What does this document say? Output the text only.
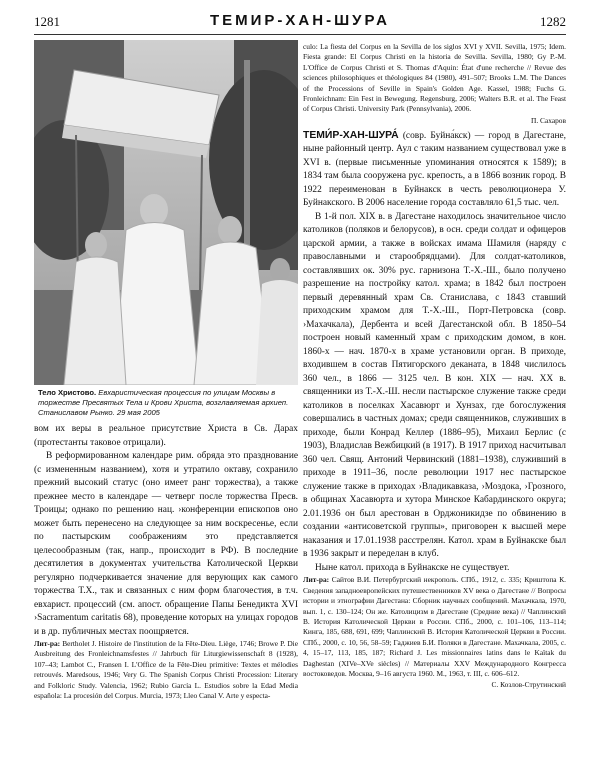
1281	ТЕМИР-ХАН-ШУРА	1282
Тело Христово. Евхаристическая процессия по улицам Москвы в торжестве Пресвятых Тела и Крови Христа, возглавляемая архиеп. Станиславом Рынко. 29 мая 2005

вом их веры в реальное присутствие Христа в Св. Дарах (протестанты таковое отрицали).

В реформированном календаре рим. обряда это празднование (с измененным названием), хотя и утратило октаву, сохранило прежний высокий статус (оно имеет ранг торжества), а также прежнее место в календаре — четверг после торжества Пресв. Троицы; однако по решению нац. ›конференции епископов оно может быть перенесено на следующее за ним воскресенье, если по пастырским соображениям это представляется целесообразным (так, напр., происходит в РФ). В последние десятилетия в документах учительства Католической Церкви регулярно подчеркивается значение для верующих как самого торжества Т.Х., так и связанных с ним форм благочестия, в т.ч. евхарист. процессий (см. апост. обращение Папы Бенедикта XVI ›Sacramentum caritatis 68), проведение которых на улицах городов и в др. публичных местах поощряется.

Лит-ра: Bertholet J. Histoire de l'institution de la Fête-Dieu. Liège, 1746; Browe P. Die Ausbreitung des Fronleichnamsfestes // Jahrbuch für Liturgiewissenschaft 8 (1928), 107–43; Lambot C., Fransen I. L'Office de la Fête-Dieu primitive: Textes et mélodies retrouvés. Maredsous, 1946; Very G. The Spanish Corpus Christi Procession: Literary and Folkloric Study. Valencia, 1962; Rubio García L. Estudios sobre la Edad Media española: La procesión del Corpus. Murcia, 1973; Lleo Canal V. Arte y especta-

culo: La fiesta del Corpus en la Sevilla de los siglos XVI y XVII. Sevilla, 1975; Idem. Fiesta grande: El Corpus Christi en la historia de Sevilla. Sevilla, 1980; Gy P.-M. L'Office de Corpus Christi et S. Thomas d'Aquin: État d'une recherche // Revue des sciences philosophiques et théologiques 84 (1980), 491–507; Brooks L.M. The Dances of the Processions of Seville in Spain's Golden Age. Kassel, 1988; Fuchs G. Fronleichnam: Ein Fest in Bewegung. Regensburg, 2006; Walters B.R. et al. The Feast of Corpus Christi. University Park (Pennsylvania), 2006.

П. Сахаров

ТЕМИ́Р-ХАН-ШУРА́ (совр. Буйна́кск) — город в Дагестане, ныне районный центр. Аул с таким названием существовал уже в XVI в. (первые письменные упоминания относятся к 1589); в 1834 там была сооружена рус. крепость, а в 1866 возник город. В 1922 переименован в Буйнакск в честь революционера У. Буйнакского. В 2006 население города составляло 61,5 тыс. чел.

В 1-й пол. XIX в. в Дагестане находилось значительное число католиков (поляков и белорусов), в осн. среди солдат и офицеров царской армии, а также в войсках имама Шамиля (наряду с православными и старообрядцами). Для солдат-католиков, составлявших ок. 30% рус. гарнизона Т.-Х.-Ш., было получено разрешение на постройку катол. храма; в 1842 был построен первый деревянный храм Св. Станислава, с 1843 ставший приходским храмом для Т.-Х.-Ш., Порт-Петровска (совр. ›Махачкала), Дербента и всей Дагестанской обл. В 1850–54 построен новый каменный храм с приходским домом, в кон. 1860-х — нач. 1870-х в храме установили орган. В приходе, входившем в состав Пятигорского деканата, в 1848 числилось 360 чел., в 1866 — 3125 чел. В кон. XIX — нач. XX в. священники из Т.-Х.-Ш. несли пастырское служение также среди католиков в поселках Хасавюрт и Хунзах, где богослужения совершались в частных домах; среди священников, служивших в приходе, были Конрад Келлер (1886–95), Михаил Берлис (с 1903), Владислав Вежбицкий (в 1917). В 1917 приход насчитывал 360 чел. Свящ. Антоний Червинский (1881–1938), служивший в приходе в 1911–36, после революции 1917 нес пастырское служение также в приходах ›Владикавказа, ›Моздока, ›Грозного, в общинах Хасавюрта и хутора Минское Кабардинского округа; 2.01.1936 он был арестован в Орджоникидзе по обвинению в создании «антисоветской группы», приговорен к высшей мере наказания и 17.01.1938 расстрелян. Катол. храм в Буйнакске был в 1936 закрыт и переделан в клуб.

Ныне катол. прихода в Буйнакске не существует.

Лит-ра: Сайтов В.И. Петербургский некрополь. СПб., 1912, с. 335; Криштопа К. Сведения западноевропейских путешественников XV века о Дагестане // Вопросы истории и этнографии Дагестана: Сборник научных сообщений. Махачкала, 1970, вып. 1, с. 130–124; Он же. Католицизм в Дагестане (Средние века) // Чаплинский В. История Католической Церкви в России. СПб., 2000, с. 101–106, 113–114; Кинга, 185, 688, 691, 699; Чаплинский В. История Католической Церкви в России. СПб., 2000, с. 10, 56, 58–59; Гаджиев Б.И. Поляки в Дагестане. Махачкала, 2005, с. 4, 15–17, 113, 185, 187; Richard J. Les missionnaires latins dans le Kaïtak du Daghestan (XIVe–XVe siècles) // Материалы XXV Международного Конгресса востоковедов. Москва, 9–16 августа 1960. М., 1963, т. III, с. 606–612.

С. Козлов-Струтинский
